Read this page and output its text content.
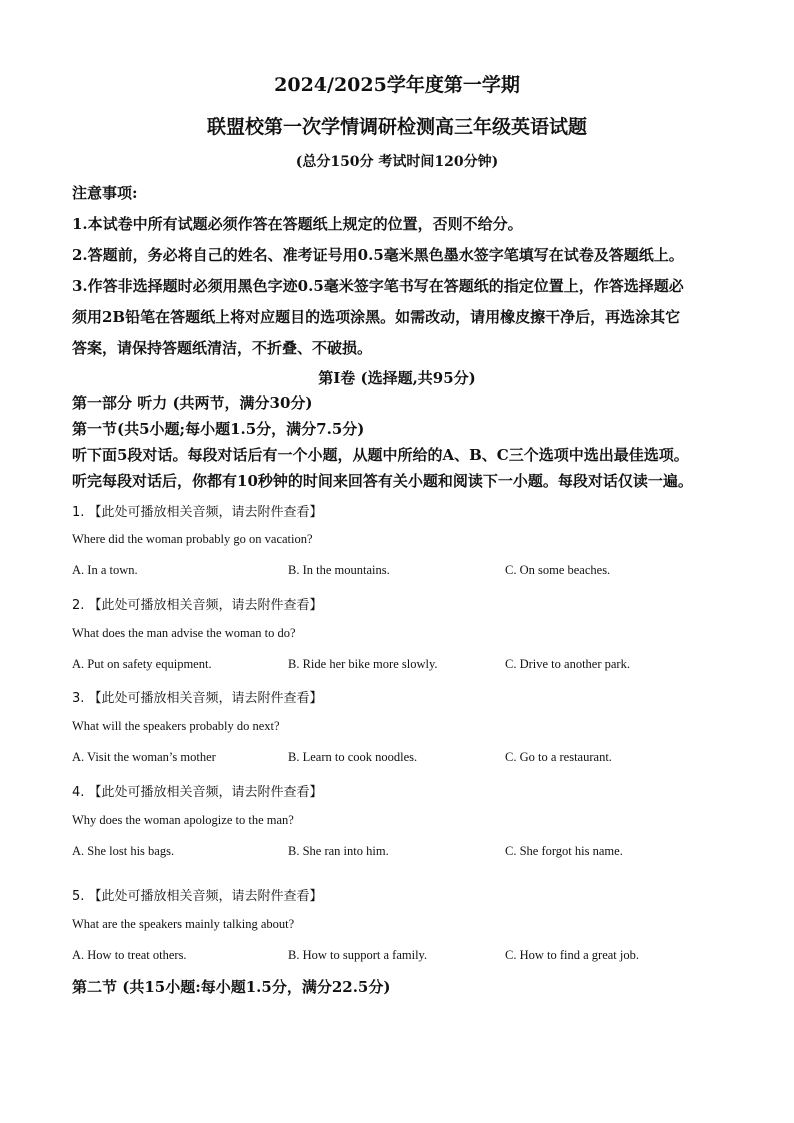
2024/2025学年度第一学期
联盟校第一次学情调研检测高三年级英语试题
(总分150分 考试时间120分钟)
注意事项:
1.本试卷中所有试题必须作答在答题纸上规定的位置，否则不给分。
2.答题前，务必将自己的姓名、准考证号用0.5毫米黑色墨水签字笔填写在试卷及答题纸上。
3.作答非选择题时必须用黑色字迹0.5毫米签字笔书写在答题纸的指定位置上，作答选择题必
须用2B铅笔在答题纸上将对应题目的选项涂黑。如需改动，请用橡皮擦干净后，再选涂其它
答案，请保持答题纸清洁，不折叠、不破损。
第Ⅰ卷 (选择题,共95分)
第一部分 听力 (共两节，满分30分)
第一节(共5小题;每小题1.5分，满分7.5分)
听下面5段对话。每段对话后有一个小题，从题中所给的A、B、C三个选项中选出最佳选项。
听完每段对话后，你都有10秒钟的时间来回答有关小题和阅读下一小题。每段对话仅读一遍。
1. 【此处可播放相关音频，请去附件查看】
Where did the woman probably go on vacation?
A. In a town.	B. In the mountains.	C. On some beaches.
2. 【此处可播放相关音频，请去附件查看】
What does the man advise the woman to do?
A. Put on safety equipment.	B. Ride her bike more slowly.	C. Drive to another park.
3. 【此处可播放相关音频，请去附件查看】
What will the speakers probably do next?
A. Visit the woman’s mother	B. Learn to cook noodles.	C. Go to a restaurant.
4. 【此处可播放相关音频，请去附件查看】
Why does the woman apologize to the man?
A. She lost his bags.	B. She ran into him.	C. She forgot his name.
5. 【此处可播放相关音频，请去附件查看】
What are the speakers mainly talking about?
A. How to treat others.	B. How to support a family.	C. How to find a great job.
第二节 (共15小题:每小题1.5分，满分22.5分)
